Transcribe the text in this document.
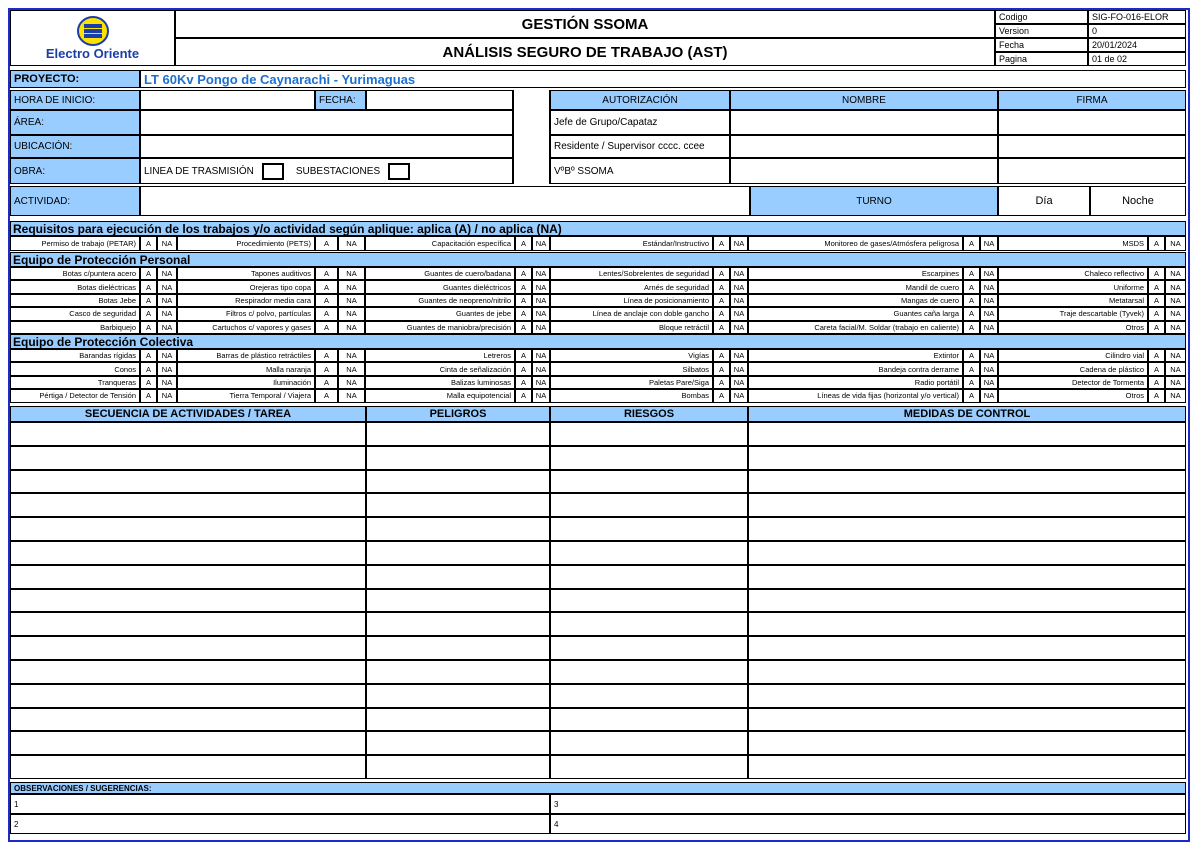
Electro Oriente
GESTIÓN SSOMA
ANÁLISIS SEGURO DE TRABAJO (AST)
Codigo	SIG-FO-016-ELOR
Version	0
Fecha	20/01/2024
Pagina	01 de 02
PROYECTO:	LT 60Kv Pongo de Caynarachi - Yurimaguas
HORA DE INICIO:	FECHA:
ÁREA:
UBICACIÓN:
OBRA:	LINEA DE TRASMISIÓN	SUBESTACIONES
AUTORIZACIÓN	NOMBRE	FIRMA
Jefe de Grupo/Capataz
Residente / Supervisor cccc. ccee
VºBº SSOMA
ACTIVIDAD:	TURNO	Día	Noche
Requisitos para ejecución de los trabajos y/o actividad según aplique: aplica (A) / no aplica (NA)
Permiso de trabajo (PETAR)	A	NA	Procedimiento (PETS)	A	NA	Capacitación específica	A	NA	Estándar/Instructivo	A	NA	Monitoreo de gases/Atmósfera peligrosa	A	NA	MSDS	A	NA
Equipo de Protección Personal
Botas c/puntera acero	A	NA	Tapones auditivos	A	NA	Guantes de cuero/badana	A	NA	Lentes/Sobrelentes de seguridad	A	NA	Escarpines	A	NA	Chaleco reflectivo	A	NA
Botas dieléctricas	A	NA	Orejeras tipo copa	A	NA	Guantes dieléctricos	A	NA	Arnés de seguridad	A	NA	Mandil de cuero	A	NA	Uniforme	A	NA
Botas Jebe	A	NA	Respirador media cara	A	NA	Guantes de neopreno/nitrilo	A	NA	Línea de posicionamiento	A	NA	Mangas de cuero	A	NA	Metatarsal	A	NA
Casco de seguridad	A	NA	Filtros c/ polvo, partículas	A	NA	Guantes de jebe	A	NA	Línea de anclaje con doble gancho	A	NA	Guantes caña larga	A	NA	Traje descartable (Tyvek)	A	NA
Barbiquejo	A	NA	Cartuchos c/ vapores y gases	A	NA	Guantes de maniobra/precisión	A	NA	Bloque retráctil	A	NA	Careta facial/M. Soldar (trabajo en caliente)	A	NA	Otros	A	NA
Equipo de Protección Colectiva
Barandas rígidas	A	NA	Barras de plástico retráctiles	A	NA	Letreros	A	NA	Vigías	A	NA	Extintor	A	NA	Cilindro vial	A	NA
Conos	A	NA	Malla naranja	A	NA	Cinta de señalización	A	NA	Silbatos	A	NA	Bandeja contra derrame	A	NA	Cadena de plástico	A	NA
Tranqueras	A	NA	Iluminación	A	NA	Balizas luminosas	A	NA	Paletas Pare/Siga	A	NA	Radio portátil	A	NA	Detector de Tormenta	A	NA
Pértiga / Detector de Tensión	A	NA	Tierra Temporal / Viajera	A	NA	Malla equipotencial	A	NA	Bombas	A	NA	Líneas de vida fijas (horizontal y/o vertical)	A	NA	Otros	A	NA
SECUENCIA DE ACTIVIDADES / TAREA	PELIGROS	RIESGOS	MEDIDAS DE CONTROL
OBSERVACIONES / SUGERENCIAS:
1
2
3
4
